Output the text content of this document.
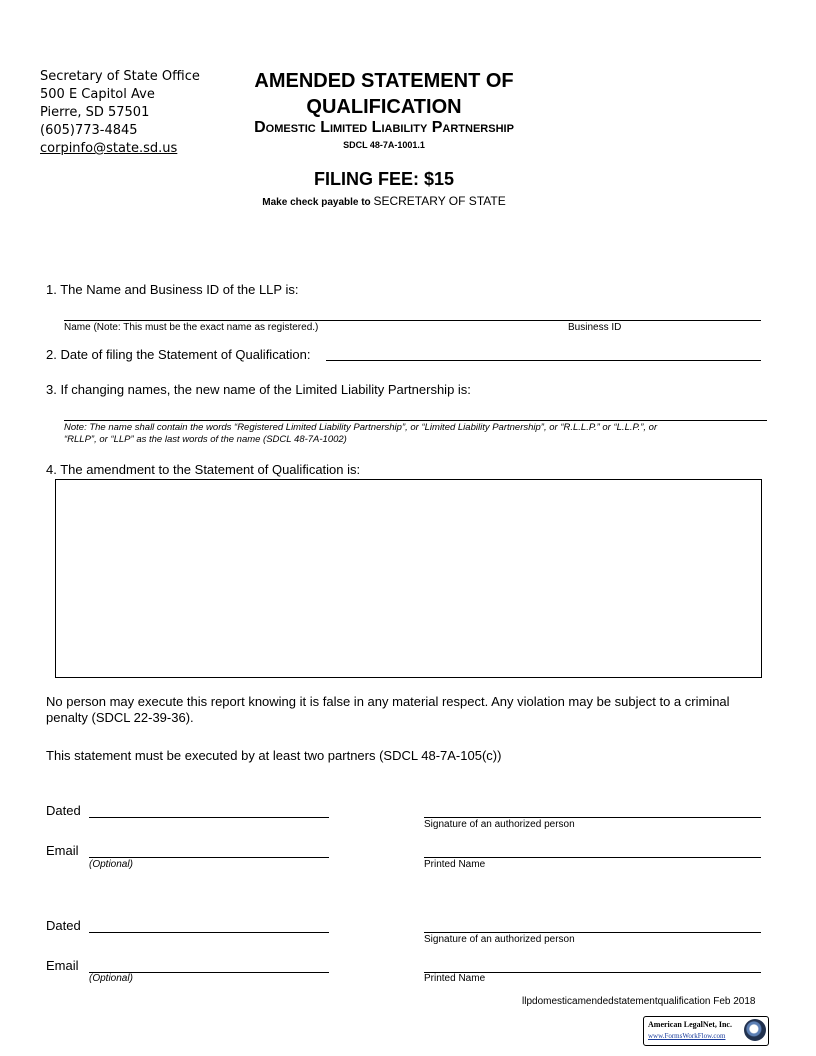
Secretary of State Office
500 E Capitol Ave
Pierre, SD 57501
(605)773-4845
corpinfo@state.sd.us
AMENDED STATEMENT OF
QUALIFICATION
Domestic Limited Liability Partnership
SDCL 48-7A-1001.1
FILING FEE: $15
Make check payable to SECRETARY OF STATE
1. The Name and Business ID of the LLP is:
Name (Note: This must be the exact name as registered.)	Business ID
2. Date of filing the Statement of Qualification:
3. If changing names, the new name of the Limited Liability Partnership is:
Note: The name shall contain the words “Registered Limited Liability Partnership”, or “Limited Liability Partnership”, or “R.L.L.P.” or “L.L.P.”, or
“RLLP”, or “LLP” as the last words of the name (SDCL 48-7A-1002)
4. The amendment to the Statement of Qualification is:
No person may execute this report knowing it is false in any material respect. Any violation may be subject to a criminal
penalty (SDCL 22-39-36).
This statement must be executed by at least two partners (SDCL 48-7A-105(c))
Dated
Signature of an authorized person
Email
(Optional)	Printed Name
Dated
Signature of an authorized person
Email
(Optional)	Printed Name
llpdomesticamendedstatementqualification Feb 2018
American LegalNet, Inc.
www.FormsWorkFlow.com
